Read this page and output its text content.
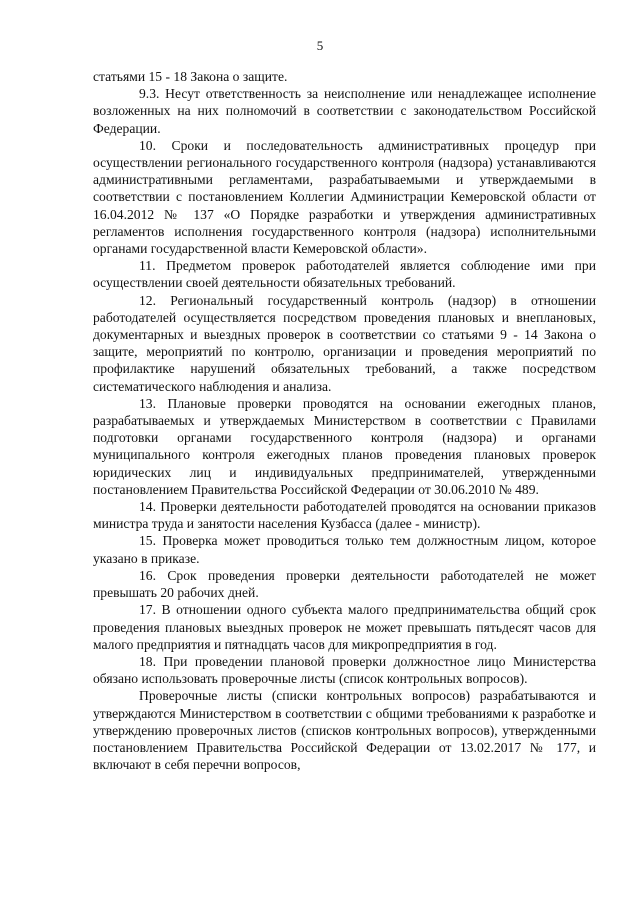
5

статьями 15 - 18 Закона о защите.

9.3. Несут ответственность за неисполнение или ненадлежащее исполнение возложенных на них полномочий в соответствии с законодательством Российской Федерации.

10. Сроки и последовательность административных процедур при осуществлении регионального государственного контроля (надзора) устанавливаются административными регламентами, разрабатываемыми и утверждаемыми в соответствии с постановлением Коллегии Администрации Кемеровской области от 16.04.2012 № 137 «О Порядке разработки и утверждения административных регламентов исполнения государственного контроля (надзора) исполнительными органами государственной власти Кемеровской области».

11. Предметом проверок работодателей является соблюдение ими при осуществлении своей деятельности обязательных требований.

12. Региональный государственный контроль (надзор) в отношении работодателей осуществляется посредством проведения плановых и внеплановых, документарных и выездных проверок в соответствии со статьями 9 - 14 Закона о защите, мероприятий по контролю, организации и проведения мероприятий по профилактике нарушений обязательных требований, а также посредством систематического наблюдения и анализа.

13. Плановые проверки проводятся на основании ежегодных планов, разрабатываемых и утверждаемых Министерством в соответствии с Правилами подготовки органами государственного контроля (надзора) и органами муниципального контроля ежегодных планов проведения плановых проверок юридических лиц и индивидуальных предпринимателей, утвержденными постановлением Правительства Российской Федерации от 30.06.2010 № 489.

14. Проверки деятельности работодателей проводятся на основании приказов министра труда и занятости населения Кузбасса (далее - министр).

15. Проверка может проводиться только тем должностным лицом, которое указано в приказе.

16. Срок проведения проверки деятельности работодателей не может превышать 20 рабочих дней.

17. В отношении одного субъекта малого предпринимательства общий срок проведения плановых выездных проверок не может превышать пятьдесят часов для малого предприятия и пятнадцать часов для микропредприятия в год.

18. При проведении плановой проверки должностное лицо Министерства обязано использовать проверочные листы (список контрольных вопросов).

Проверочные листы (списки контрольных вопросов) разрабатываются и утверждаются Министерством в соответствии с общими требованиями к разработке и утверждению проверочных листов (списков контрольных вопросов), утвержденными постановлением Правительства Российской Федерации от 13.02.2017 № 177, и включают в себя перечни вопросов,
